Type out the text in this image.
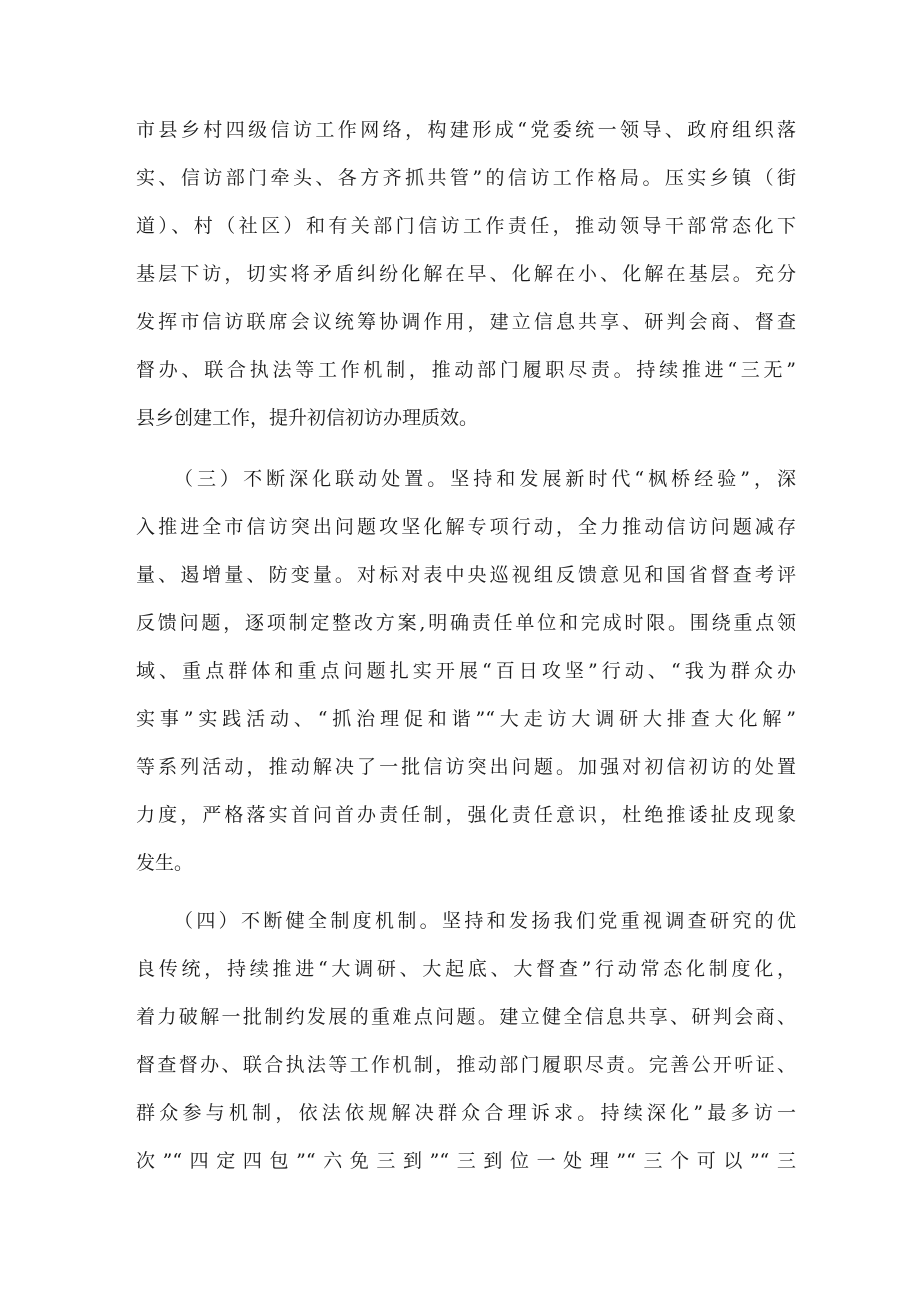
市县乡村四级信访工作网络，构建形成“党委统一领导、政府组织落
实、信访部门牵头、各方齐抓共管”的信访工作格局。压实乡镇（街
道）、村（社区）和有关部门信访工作责任，推动领导干部常态化下
基层下访，切实将矛盾纠纷化解在早、化解在小、化解在基层。充分
发挥市信访联席会议统筹协调作用，建立信息共享、研判会商、督查
督办、联合执法等工作机制，推动部门履职尽责。持续推进“三无”
县乡创建工作，提升初信初访办理质效。
（三）不断深化联动处置。坚持和发展新时代“枫桥经验”，深
入推进全市信访突出问题攻坚化解专项行动，全力推动信访问题减存
量、遏增量、防变量。对标对表中央巡视组反馈意见和国省督查考评
反馈问题，逐项制定整改方案,明确责任单位和完成时限。围绕重点领
域、重点群体和重点问题扎实开展“百日攻坚”行动、“我为群众办
实事”实践活动、“抓治理促和谐”“大走访大调研大排查大化解”
等系列活动，推动解决了一批信访突出问题。加强对初信初访的处置
力度，严格落实首问首办责任制，强化责任意识，杜绝推诿扯皮现象
发生。
（四）不断健全制度机制。坚持和发扬我们党重视调查研究的优
良传统，持续推进“大调研、大起底、大督查”行动常态化制度化，
着力破解一批制约发展的重难点问题。建立健全信息共享、研判会商、
督查督办、联合执法等工作机制，推动部门履职尽责。完善公开听证、
群众参与机制，依法依规解决群众合理诉求。持续深化”最多访一
次”“四定四包”“六免三到”“三到位一处理”“三个可以”“三
